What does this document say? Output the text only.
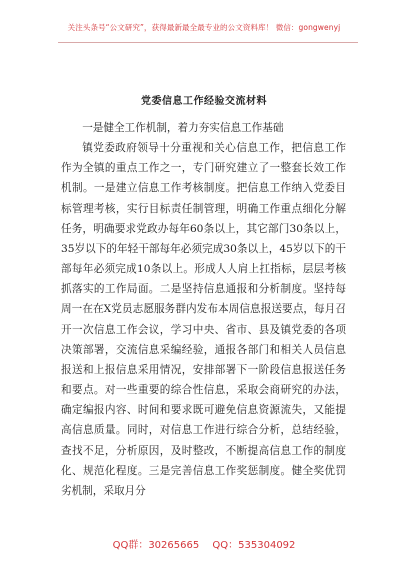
关注头条号“公文研究”，获得最新最全最专业的公文资料库！ 微信：gongwenyj
党委信息工作经验交流材料

一是健全工作机制，着力夯实信息工作基础

镇党委政府领导十分重视和关心信息工作，把信息工作作为全镇的重点工作之一，专门研究建立了一整套长效工作机制。一是建立信息工作考核制度。把信息工作纳入党委目标管理考核，实行目标责任制管理，明确工作重点细化分解任务，明确要求党政办每年60条以上，其它部门30条以上，35岁以下的年轻干部每年必须完成30条以上，45岁以下的干部每年必须完成10条以上。形成人人肩上扛指标，层层考核抓落实的工作局面。二是坚持信息通报和分析制度。坚持每周一在在X党员志愿服务群内发布本周信息报送要点，每月召开一次信息工作会议，学习中央、省市、县及镇党委的各项决策部署，交流信息采编经验，通报各部门和相关人员信息报送和上报信息采用情况，安排部署下一阶段信息报送任务和要点。对一些重要的综合性信息，采取会商研究的办法，确定编报内容、时间和要求既可避免信息资源流失，又能提高信息质量。同时，对信息工作进行综合分析，总结经验，查找不足，分析原因，及时整改，不断提高信息工作的制度化、规范化程度。三是完善信息工作奖惩制度。健全奖优罚劣机制，采取月分

QQ群：30265665 QQ：535304092
